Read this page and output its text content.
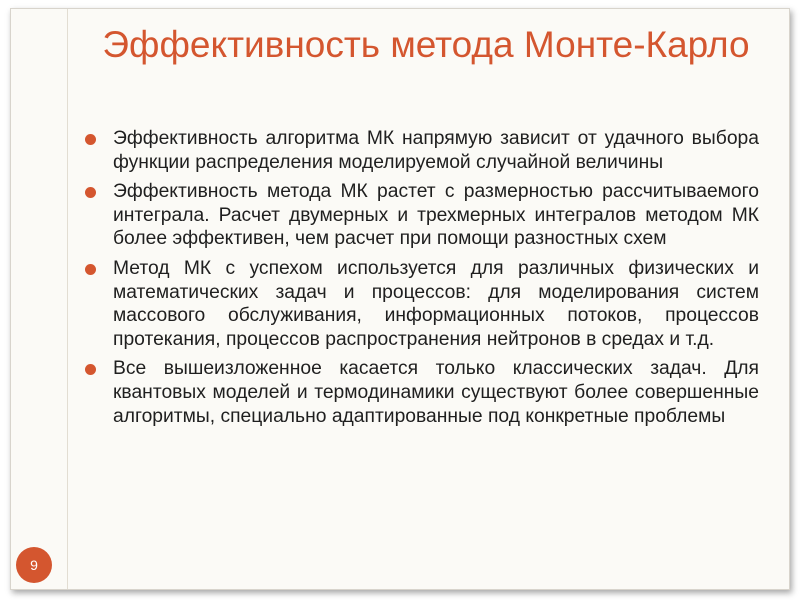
Эффективность метода Монте-Карло
Эффективность алгоритма МК напрямую зависит от удачного выбора функции распределения моделируемой случайной величины
Эффективность метода МК растет с размерностью рассчитываемого интеграла. Расчет двумерных и трехмерных интегралов методом МК более эффективен, чем расчет при помощи разностных схем
Метод МК с успехом используется для различных физических и математических задач и процессов: для моделирования систем массового обслуживания, информационных потоков, процессов протекания, процессов распространения нейтронов в средах и т.д.
Все вышеизложенное касается только классических задач. Для квантовых моделей и термодинамики существуют более совершенные алгоритмы, специально адаптированные под конкретные проблемы
9
